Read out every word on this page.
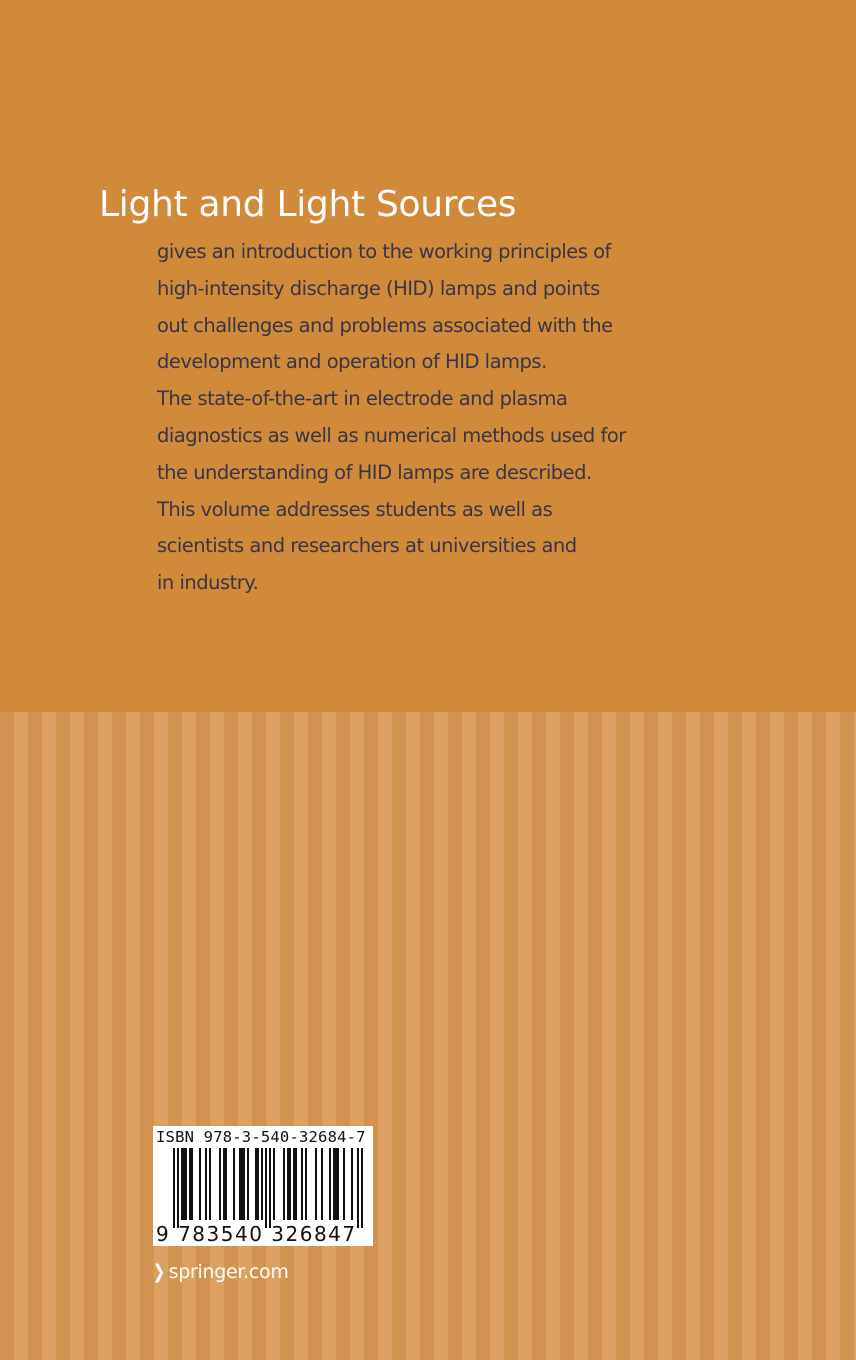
Light and Light Sources
gives an introduction to the working principles of
high-intensity discharge (HID) lamps and points
out challenges and problems associated with the
development and operation of HID lamps.
The state-of-the-art in electrode and plasma
diagnostics as well as numerical methods used for
the understanding of HID lamps are described.
This volume addresses students as well as
scientists and researchers at universities and
in industry.
ISBN 978-3-540-32684-7
9 783540 326847
❯ springer.com
